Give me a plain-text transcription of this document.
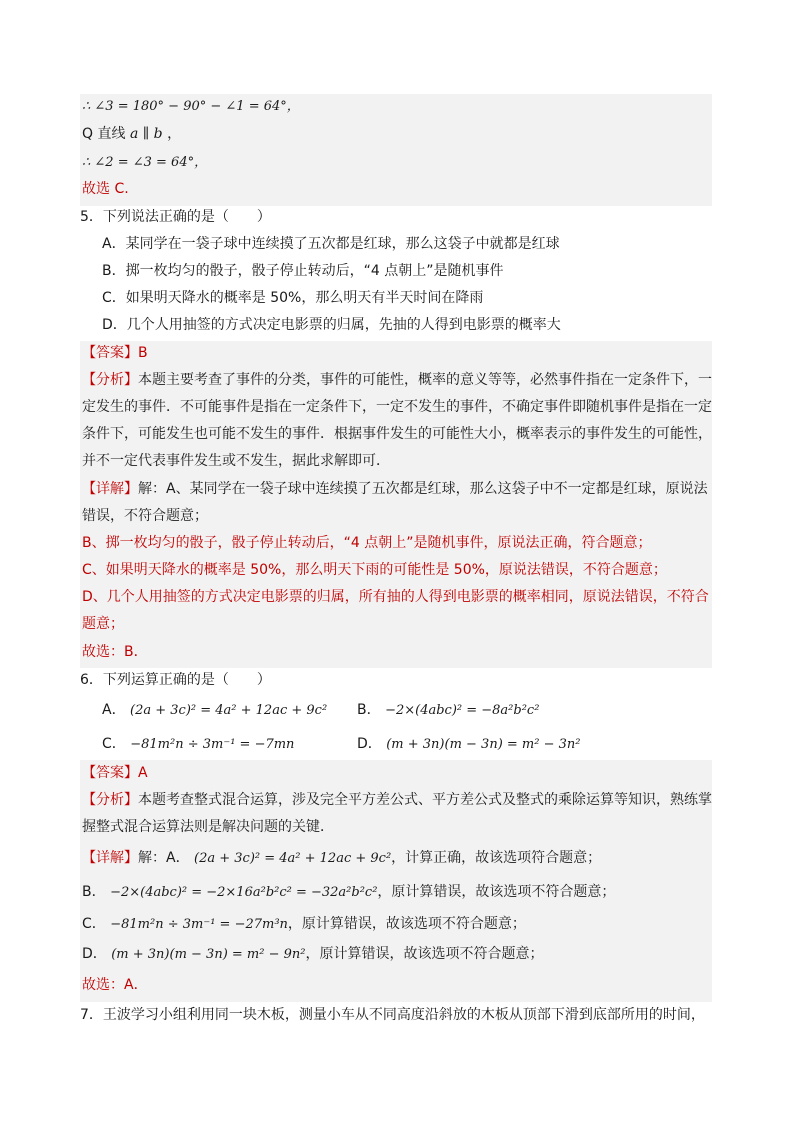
∴ ∠3 = 180° − 90° − ∠1 = 64°，
Q 直线 a ∥ b ，
∴ ∠2 = ∠3 = 64°，
故选 C.
5．下列说法正确的是（　　）
A．某同学在一袋子球中连续摸了五次都是红球，那么这袋子中就都是红球
B．掷一枚均匀的骰子，骰子停止转动后，“4 点朝上”是随机事件
C．如果明天降水的概率是 50%，那么明天有半天时间在降雨
D．几个人用抽签的方式决定电影票的归属，先抽的人得到电影票的概率大
【答案】B
【分析】本题主要考查了事件的分类，事件的可能性，概率的意义等等，必然事件指在一定条件下，一
定发生的事件．不可能事件是指在一定条件下，一定不发生的事件，不确定事件即随机事件是指在一定
条件下，可能发生也可能不发生的事件．根据事件发生的可能性大小，概率表示的事件发生的可能性，
并不一定代表事件发生或不发生，据此求解即可．
【详解】解：A、某同学在一袋子球中连续摸了五次都是红球，那么这袋子中不一定都是红球，原说法
错误，不符合题意；
B、掷一枚均匀的骰子，骰子停止转动后，“4 点朝上”是随机事件，原说法正确，符合题意；
C、如果明天降水的概率是 50%，那么明天下雨的可能性是 50%，原说法错误，不符合题意；
D、几个人用抽签的方式决定电影票的归属，所有抽的人得到电影票的概率相同，原说法错误，不符合
题意；
故选：B．
6．下列运算正确的是（　　）
A． (2a + 3c)² = 4a² + 12ac + 9c² B． −2×(4abc)² = −8a²b²c²
C． −81m²n ÷ 3m⁻¹ = −7mn	D． (m + 3n)(m − 3n) = m² − 3n²
【答案】A
【分析】本题考查整式混合运算，涉及完全平方差公式、平方差公式及整式的乘除运算等知识，熟练掌
握整式混合运算法则是解决问题的关键．
【详解】解：A． (2a + 3c)² = 4a² + 12ac + 9c²，计算正确，故该选项符合题意；
B． −2×(4abc)² = −2×16a²b²c² = −32a²b²c²，原计算错误，故该选项不符合题意；
C． −81m²n ÷ 3m⁻¹ = −27m³n，原计算错误，故该选项不符合题意；
D． (m + 3n)(m − 3n) = m² − 9n²，原计算错误，故该选项不符合题意；
故选：A．
7．王波学习小组利用同一块木板，测量小车从不同高度沿斜放的木板从顶部下滑到底部所用的时间，
